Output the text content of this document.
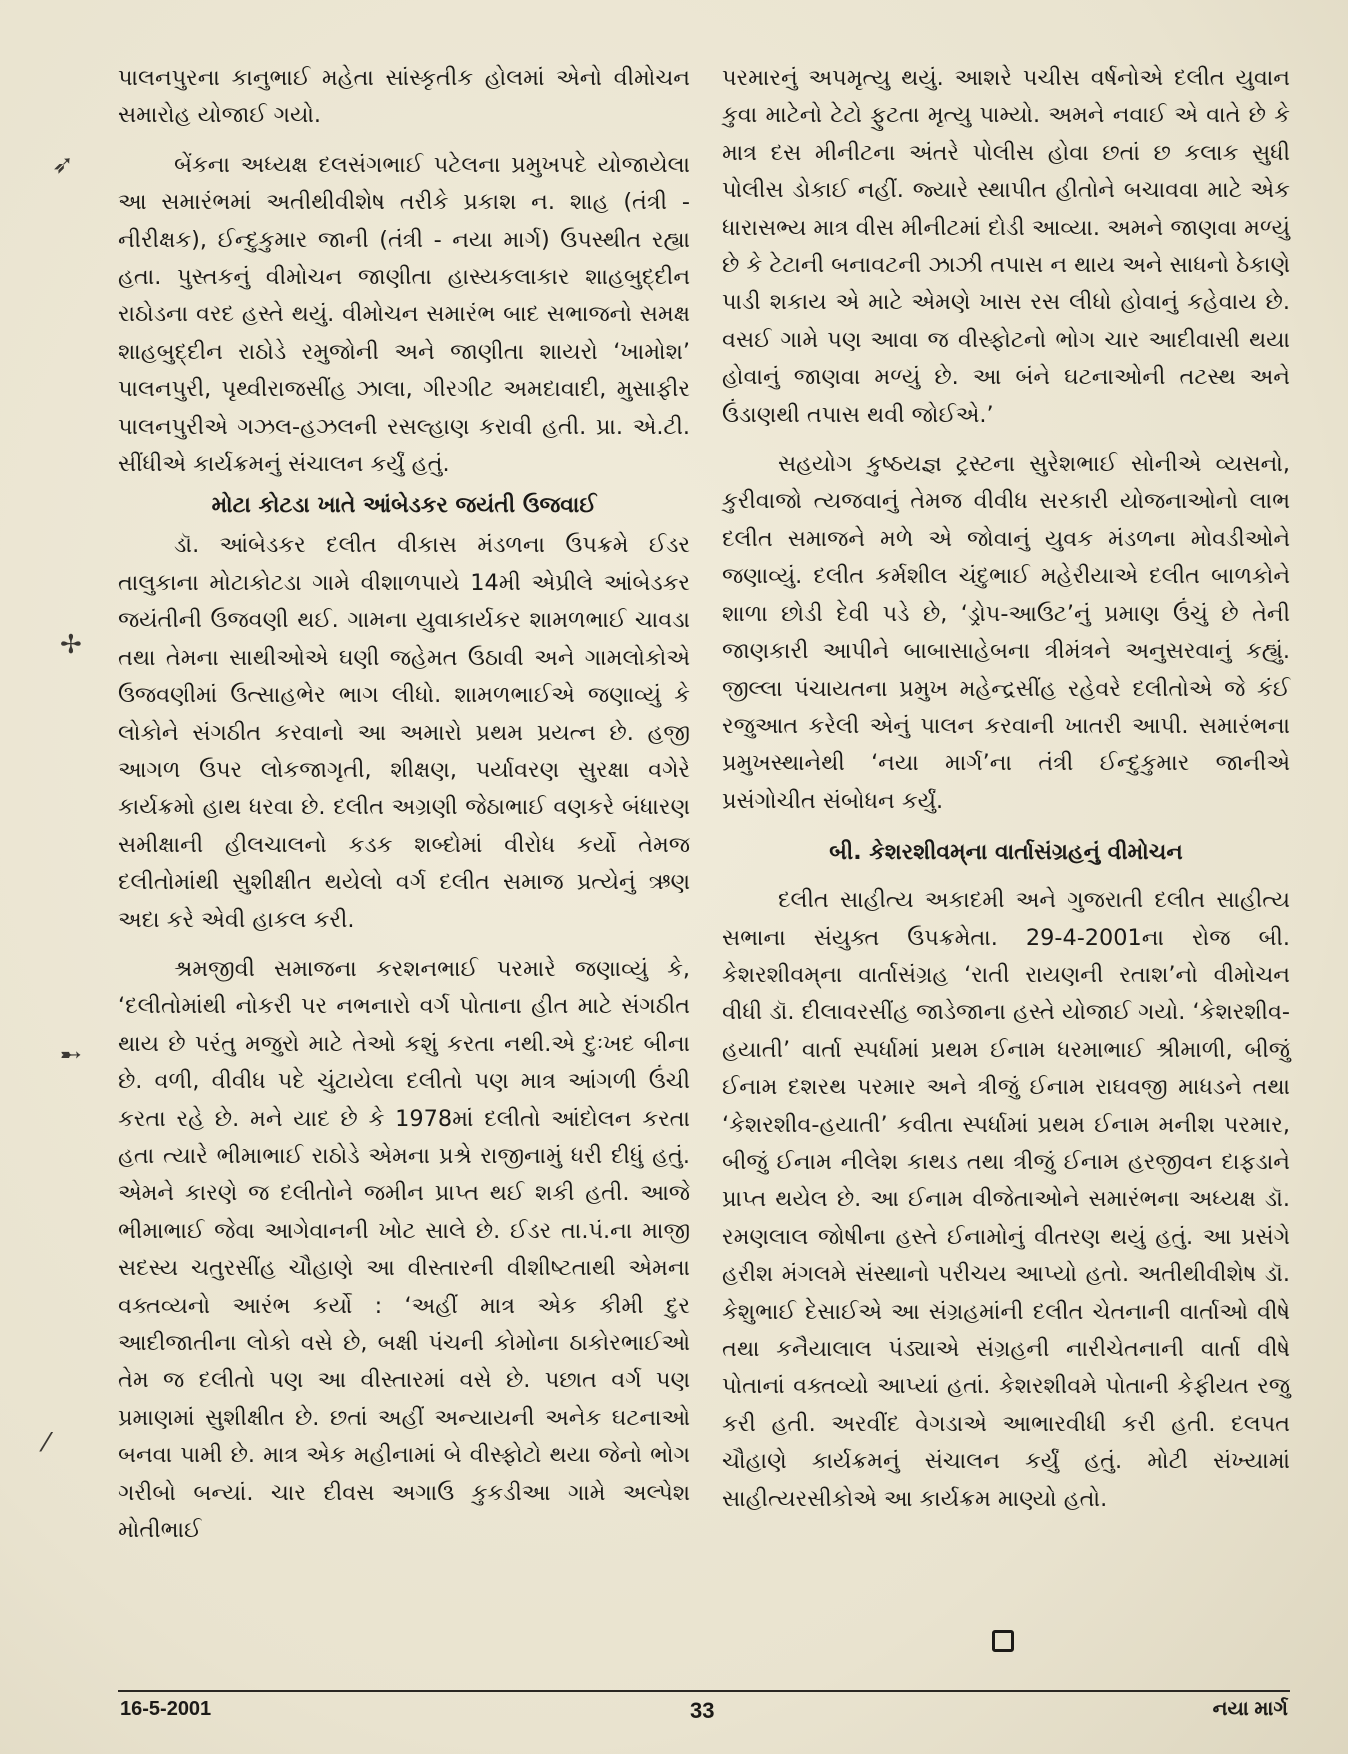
➶
✢
➸
⁄

પાલનપુરના કાનુભાઈ મહેતા સાંસ્કૃતીક હોલમાં એનો વીમોચન સમારોહ યોજાઈ ગયો.

બેંકના અધ્યક્ષ દલસંગભાઈ પટેલના પ્રમુખપદે યોજાયેલા આ સમારંભમાં અતીથીવીશેષ તરીકે પ્રકાશ ન. શાહ (તંત્રી - નીરીક્ષક), ઈન્દુકુમાર જાની (તંત્રી - નયા માર્ગ) ઉપસ્થીત રહ્યા હતા. પુસ્તકનું વીમોચન જાણીતા હાસ્યકલાકાર શાહબુદ્દીન રાઠોડના વરદ હસ્તે થયું. વીમોચન સમારંભ બાદ સભાજનો સમક્ષ શાહબુદ્દીન રાઠોડે રમુજોની અને જાણીતા શાયરો ‘ખામોશ’ પાલનપુરી, પૃથ્વીરાજસીંહ ઝાલા, ગીરગીટ અમદાવાદી, મુસાફીર પાલનપુરીએ ગઝલ-હઝલની રસલ્હાણ કરાવી હતી. પ્રા. એ.ટી. સીંધીએ કાર્યક્રમનું સંચાલન કર્યું હતું.

મોટા કોટડા ખાતે આંબેડકર જયંતી ઉજવાઈ

ડૉ. આંબેડકર દલીત વીકાસ મંડળના ઉપક્રમે ઈડર તાલુકાના મોટાકોટડા ગામે વીશાળપાયે 14મી એપ્રીલે આંબેડકર જયંતીની ઉજવણી થઈ. ગામના યુવાકાર્યકર શામળભાઈ ચાવડા તથા તેમના સાથીઓએ ઘણી જહેમત ઉઠાવી અને ગામલોકોએ ઉજવણીમાં ઉત્સાહભેર ભાગ લીધો. શામળભાઈએ જણાવ્યું કે લોકોને સંગઠીત કરવાનો આ અમારો પ્રથમ પ્રયત્ન છે. હજી આગળ ઉપર લોકજાગૃતી, શીક્ષણ, પર્યાવરણ સુરક્ષા વગેરે કાર્યક્રમો હાથ ધરવા છે. દલીત અગ્રણી જેઠાભાઈ વણકરે બંધારણ સમીક્ષાની હીલચાલનો કડક શબ્દોમાં વીરોધ કર્યો તેમજ દલીતોમાંથી સુશીક્ષીત થયેલો વર્ગ દલીત સમાજ પ્રત્યેનું ઋણ અદા કરે એવી હાકલ કરી.

શ્રમજીવી સમાજના કરશનભાઈ પરમારે જણાવ્યું કે, ‘દલીતોમાંથી નોકરી પર નભનારો વર્ગ પોતાના હીત માટે સંગઠીત થાય છે પરંતુ મજુરો માટે તેઓ કશું કરતા નથી.એ દુઃખદ બીના છે. વળી, વીવીધ પદે ચુંટાયેલા દલીતો પણ માત્ર આંગળી ઉંચી કરતા રહે છે. મને યાદ છે કે 1978માં દલીતો આંદોલન કરતા હતા ત્યારે ભીમાભાઈ રાઠોડે એમના પ્રશ્રે રાજીનામું ધરી દીધું હતું. એમને કારણે જ દલીતોને જમીન પ્રાપ્ત થઈ શકી હતી. આજે ભીમાભાઈ જેવા આગેવાનની ખોટ સાલે છે. ઈડર તા.પં.ના માજી સદસ્ય ચતુરસીંહ ચૌહાણે આ વીસ્તારની વીશીષ્ટતાથી એમના વક્તવ્યનો આરંભ કર્યો : ‘અહીં માત્ર એક કીમી દુર આદીજાતીના લોકો વસે છે, બક્ષી પંચની કોમોના ઠાકોરભાઈઓ તેમ જ દલીતો પણ આ વીસ્તારમાં વસે છે. પછાત વર્ગ પણ પ્રમાણમાં સુશીક્ષીત છે. છતાં અહીં અન્યાયની અનેક ઘટનાઓ બનવા પામી છે. માત્ર એક મહીનામાં બે વીસ્ફોટો થયા જેનો ભોગ ગરીબો બન્યાં. ચાર દીવસ અગાઉ કુકડીઆ ગામે અલ્પેશ મોતીભાઈ

પરમારનું અપમૃત્યુ થયું. આશરે પચીસ વર્ષનોએ દલીત યુવાન કુવા માટેનો ટેટો ફુટતા મૃત્યુ પામ્યો. અમને નવાઈ એ વાતે છે કે માત્ર દસ મીનીટના અંતરે પોલીસ હોવા છતાં છ કલાક સુધી પોલીસ ડોકાઈ નહીં. જ્યારે સ્થાપીત હીતોને બચાવવા માટે એક ધારાસભ્ય માત્ર વીસ મીનીટમાં દોડી આવ્યા. અમને જાણવા મળ્યું છે કે ટેટાની બનાવટની ઝાઝી તપાસ ન થાય અને સાધનો ઠેકાણે પાડી શકાય એ માટે એમણે ખાસ રસ લીધો હોવાનું કહેવાય છે. વસઈ ગામે પણ આવા જ વીસ્ફોટનો ભોગ ચાર આદીવાસી થયા હોવાનું જાણવા મળ્યું છે. આ બંને ઘટનાઓની તટસ્થ અને ઉંડાણથી તપાસ થવી જોઈએ.’

સહયોગ કુષ્ઠયજ્ઞ ટ્રસ્ટના સુરેશભાઈ સોનીએ વ્યસનો, કુરીવાજો ત્યજવાનું તેમજ વીવીધ સરકારી યોજનાઓનો લાભ દલીત સમાજને મળે એ જોવાનું યુવક મંડળના મોવડીઓને જણાવ્યું. દલીત કર્મશીલ ચંદુભાઈ મહેરીયાએ દલીત બાળકોને શાળા છોડી દેવી પડે છે, ‘ડ્રોપ-આઉટ’નું પ્રમાણ ઉંચું છે તેની જાણકારી આપીને બાબાસાહેબના ત્રીમંત્રને અનુસરવાનું કહ્યું. જીલ્લા પંચાયતના પ્રમુખ મહેન્દ્રસીંહ રહેવરે દલીતોએ જે કંઈ રજુઆત કરેલી એનું પાલન કરવાની ખાતરી આપી. સમારંભના પ્રમુખસ્થાનેથી ‘નયા માર્ગ’ના તંત્રી ઈન્દુકુમાર જાનીએ પ્રસંગોચીત સંબોધન કર્યું.

બી. કેશરશીવમ્‌ના વાર્તાસંગ્રહનું વીમોચન

દલીત સાહીત્ય અકાદમી અને ગુજરાતી દલીત સાહીત્ય સભાના સંયુક્ત ઉપક્રમેતા. 29-4-2001ના રોજ બી. કેશરશીવમ્‌ના વાર્તાસંગ્રહ ‘રાતી રાયણની રતાશ’નો વીમોચન વીધી ડૉ. દીલાવરસીંહ જાડેજાના હસ્તે યોજાઈ ગયો. ‘કેશરશીવ-હયાતી’ વાર્તા સ્પર્ધામાં પ્રથમ ઈનામ ધરમાભાઈ શ્રીમાળી, બીજું ઈનામ દશરથ પરમાર અને ત્રીજું ઈનામ રાઘવજી માધડને તથા ‘કેશરશીવ-હયાતી’ કવીતા સ્પર્ધામાં પ્રથમ ઈનામ મનીશ પરમાર, બીજું ઈનામ નીલેશ કાથડ તથા ત્રીજું ઈનામ હરજીવન દાફડાને પ્રાપ્ત થયેલ છે. આ ઈનામ વીજેતાઓને સમારંભના અધ્યક્ષ ડૉ. રમણલાલ જોષીના હસ્તે ઈનામોનું વીતરણ થયું હતું. આ પ્રસંગે હરીશ મંગલમે સંસ્થાનો પરીચય આપ્યો હતો. અતીથીવીશેષ ડૉ. કેશુભાઈ દેસાઈએ આ સંગ્રહમાંની દલીત ચેતનાની વાર્તાઓ વીષે તથા કનૈયાલાલ પંડ્યાએ સંગ્રહની નારીચેતનાની વાર્તા વીષે પોતાનાં વક્તવ્યો આપ્યાં હતાં. કેશરશીવમે પોતાની કેફીયત રજુ કરી હતી. અરવીંદ વેગડાએ આભારવીધી કરી હતી. દલપત ચૌહાણે કાર્યક્રમનું સંચાલન કર્યું હતું. મોટી સંખ્યામાં સાહીત્યરસીકોએ આ કાર્યક્રમ માણ્યો હતો.

16-5-2001	33	નયા માર્ગ
